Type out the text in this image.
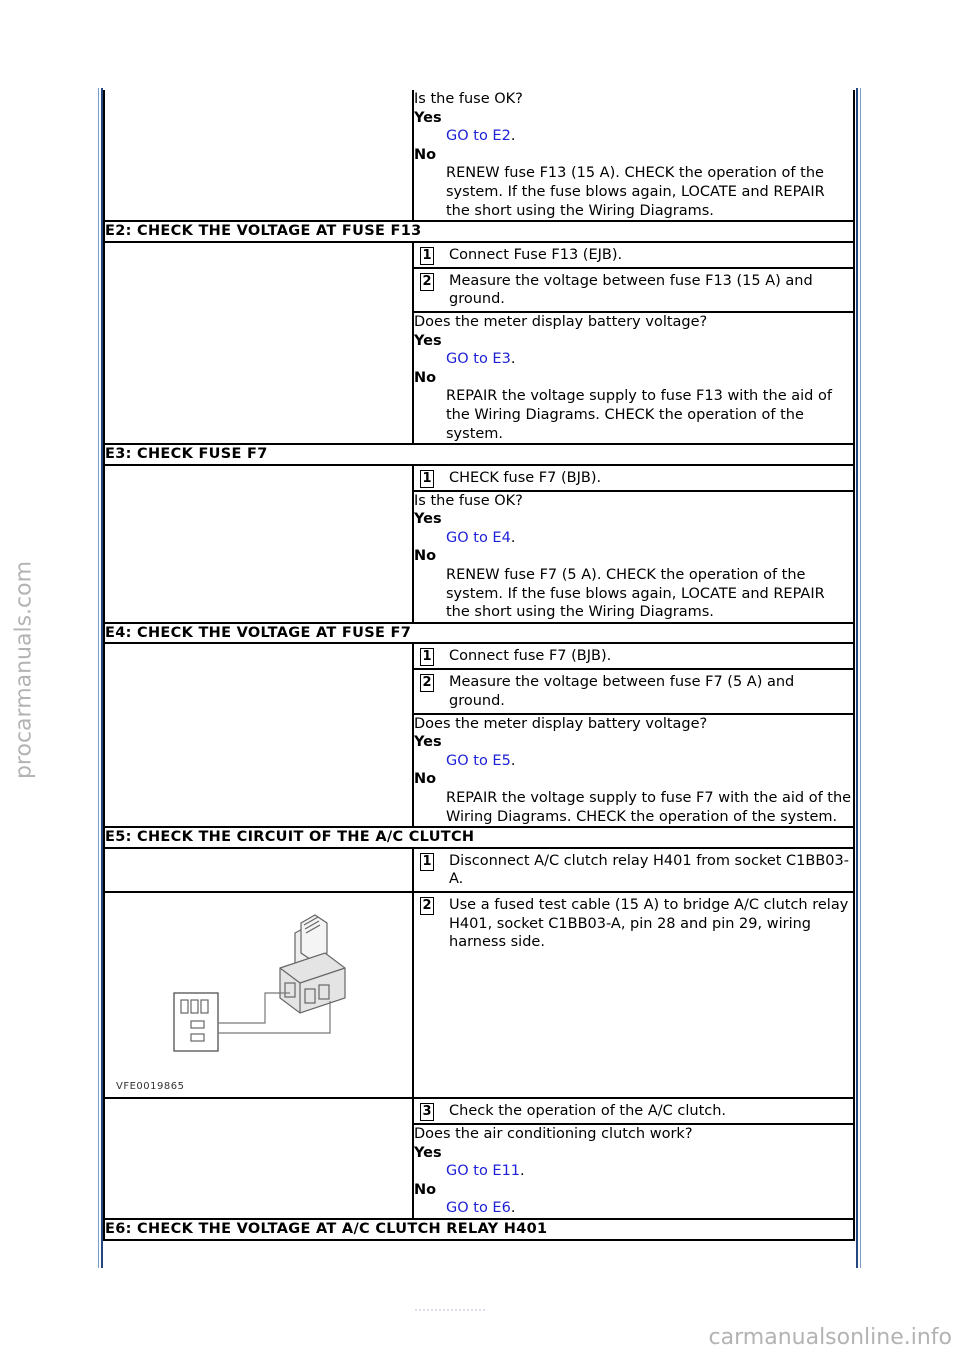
procarmanuals.com
carmanualsonline.info

	Is the fuse OK?
Yes
GO to E2.
No
RENEW fuse F13 (15 A). CHECK the operation of the system. If the fuse blows again, LOCATE and REPAIR the short using the Wiring Diagrams.

E2: CHECK THE VOLTAGE AT FUSE F13	

	1 Connect Fuse F13 (EJB).

	2 Measure the voltage between fuse F13 (15 A) and ground.

	Does the meter display battery voltage?
Yes
GO to E3.
No
REPAIR the voltage supply to fuse F13 with the aid of the Wiring Diagrams. CHECK the operation of the system.

E3: CHECK FUSE F7	

	1 CHECK fuse F7 (BJB).

	Is the fuse OK?
Yes
GO to E4.
No
RENEW fuse F7 (5 A). CHECK the operation of the system. If the fuse blows again, LOCATE and REPAIR the short using the Wiring Diagrams.

E4: CHECK THE VOLTAGE AT FUSE F7	

	1 Connect fuse F7 (BJB).

	2 Measure the voltage between fuse F7 (5 A) and ground.

	Does the meter display battery voltage?
Yes
GO to E5.
No
REPAIR the voltage supply to fuse F7 with the aid of the Wiring Diagrams. CHECK the operation of the system.

E5: CHECK THE CIRCUIT OF THE A/C CLUTCH	

	1 Disconnect A/C clutch relay H401 from socket C1BB03-A.

VFE0019865	2 Use a fused test cable (15 A) to bridge A/C clutch relay H401, socket C1BB03-A, pin 28 and pin 29, wiring harness side.

	3 Check the operation of the A/C clutch.

	Does the air conditioning clutch work?
Yes
GO to E11.
No
GO to E6.

E6: CHECK THE VOLTAGE AT A/C CLUTCH RELAY H401	
